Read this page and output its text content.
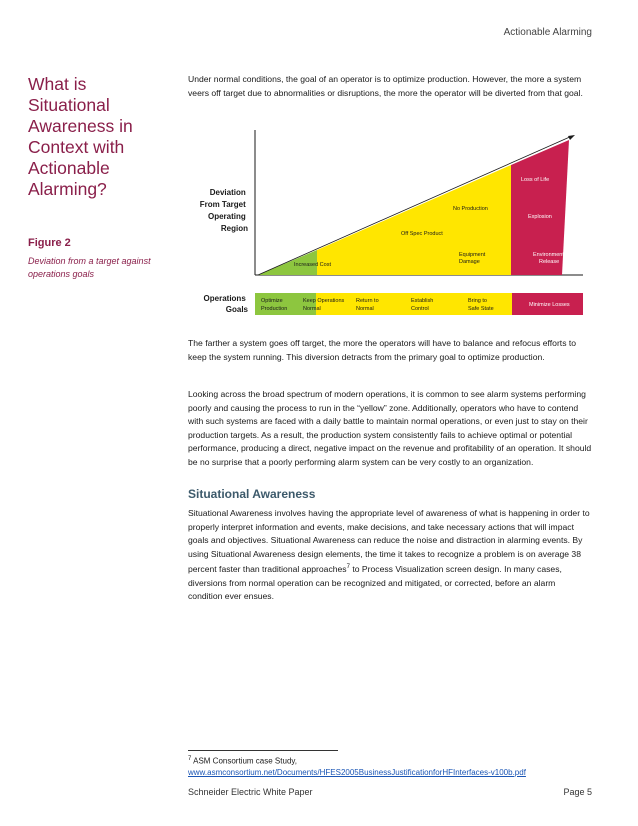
Actionable Alarming
What is Situational Awareness in Context with Actionable Alarming?
Figure 2
Deviation from a target against operations goals
Under normal conditions, the goal of an operator is to optimize production. However, the more a system veers off target due to abnormalities or disruptions, the more the operator will be diverted from that goal.
Deviation From Target Operating Region
Increased Cost
Off Spec Product
No Production
Equipment Damage
Loss of Life
Explosion
Environmental Release
Operations Goals
Optimize Production
Keep Operations Normal
Return to Normal
Establish Control
Bring to Safe State
Minimize Losses
The farther a system goes off target, the more the operators will have to balance and refocus efforts to keep the system running. This diversion detracts from the primary goal to optimize production.
Looking across the broad spectrum of modern operations, it is common to see alarm systems performing poorly and causing the process to run in the “yellow” zone. Additionally, operators who have to contend with such systems are faced with a daily battle to maintain normal operations, or even just to stay on their production targets. As a result, the production system consistently fails to achieve optimal or potential performance, producing a direct, negative impact on the revenue and profitability of an operation. It should be no surprise that a poorly performing alarm system can be very costly to an organization.
Situational Awareness
Situational Awareness involves having the appropriate level of awareness of what is happening in order to properly interpret information and events, make decisions, and take necessary actions that will impact goals and objectives. Situational Awareness can reduce the noise and distraction in alarming events. By using Situational Awareness design elements, the time it takes to recognize a problem is on average 38 percent faster than traditional approaches$^7$ to Process Visualization screen design. In many cases, diversions from normal operation can be recognized and mitigated, or corrected, before an alarm condition ever ensues.
$^7$ ASM Consortium case Study, www.asmconsortium.net/Documents/HFES2005BusinessJustificationforHFInterfaces-v100b.pdf
Schneider Electric White Paper	Page 5
